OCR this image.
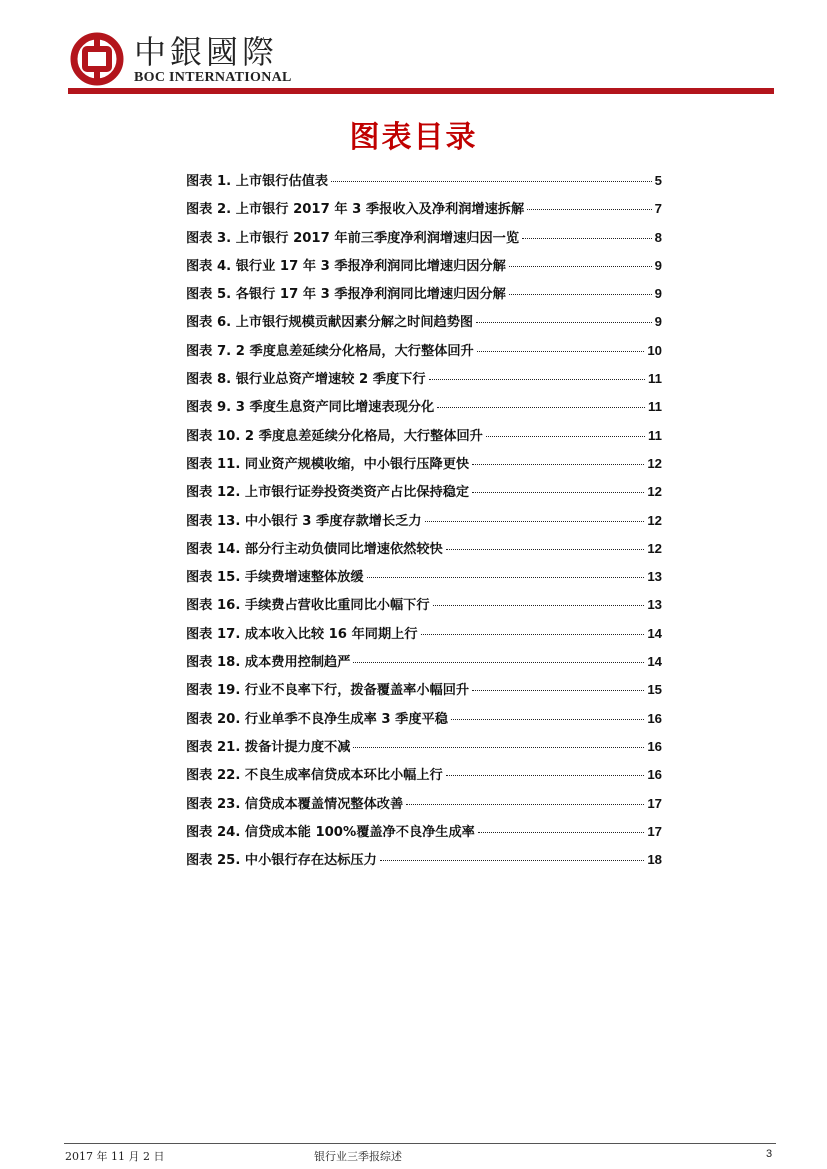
中銀國際
BOC INTERNATIONAL
图表目录
图表 1. 上市银行估值表	5
图表 2. 上市银行 2017 年 3 季报收入及净利润增速拆解	7
图表 3. 上市银行 2017 年前三季度净利润增速归因一览	8
图表 4. 银行业 17 年 3 季报净利润同比增速归因分解	9
图表 5. 各银行 17 年 3 季报净利润同比增速归因分解	9
图表 6. 上市银行规模贡献因素分解之时间趋势图	9
图表 7. 2 季度息差延续分化格局，大行整体回升	10
图表 8. 银行业总资产增速较 2 季度下行	11
图表 9. 3 季度生息资产同比增速表现分化	11
图表 10. 2 季度息差延续分化格局，大行整体回升	11
图表 11. 同业资产规模收缩，中小银行压降更快	12
图表 12. 上市银行证券投资类资产占比保持稳定	12
图表 13. 中小银行 3 季度存款增长乏力	12
图表 14. 部分行主动负债同比增速依然较快	12
图表 15. 手续费增速整体放缓	13
图表 16. 手续费占营收比重同比小幅下行	13
图表 17. 成本收入比较 16 年同期上行	14
图表 18. 成本费用控制趋严	14
图表 19. 行业不良率下行，拨备覆盖率小幅回升	15
图表 20. 行业单季不良净生成率 3 季度平稳	16
图表 21. 拨备计提力度不减	16
图表 22. 不良生成率信贷成本环比小幅上行	16
图表 23. 信贷成本覆盖情况整体改善	17
图表 24. 信贷成本能 100%覆盖净不良净生成率	17
图表 25. 中小银行存在达标压力	18
2017 年 11 月 2 日	银行业三季报综述	3
